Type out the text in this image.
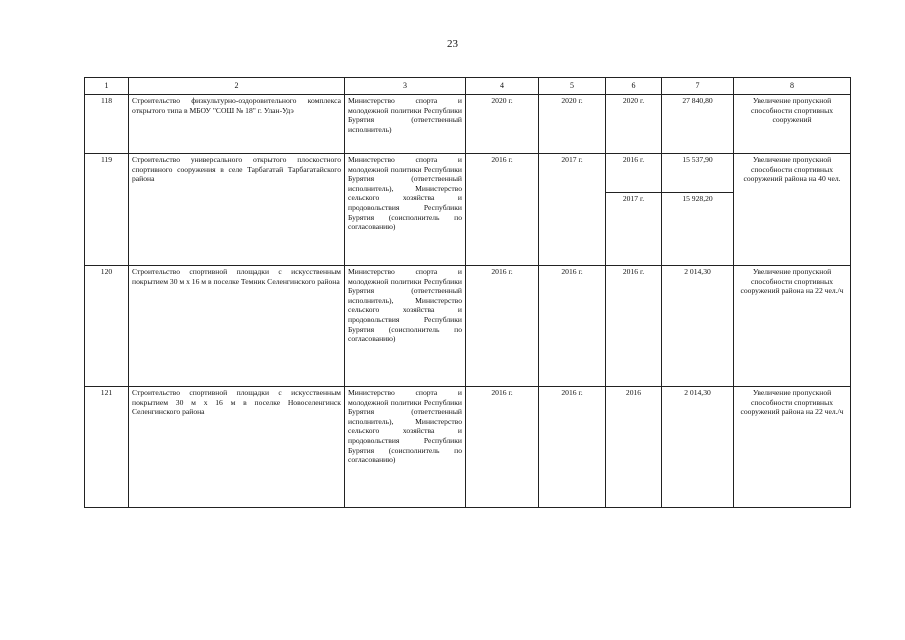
23
1	2	3	4	5	6	7	8
118	Строительство физкультурно-оздоровительного комплекса открытого типа в МБОУ "СОШ № 18" г. Улан-Удэ	Министерство спорта и молодежной политики Республики Бурятия (ответственный исполнитель)	2020 г.	2020 г.	2020 г.	27 840,80	Увеличение пропускной способности спортивных сооружений
119	Строительство универсального открытого плоскостного спортивного сооружения в селе Тарбагатай Тарбагатайского района	Министерство спорта и молодежной политики Республики Бурятия (ответственный исполнитель), Министерство сельского хозяйства и продовольствия Республики Бурятия (соисполнитель по согласованию)	2016 г.	2017 г.	2016 г.	15 537,90	Увеличение пропускной способности спортивных сооружений района на 40 чел.
					2017 г.	15 928,20	
120	Строительство спортивной площадки с искусственным покрытием 30 м х 16 м в поселке Темник Селенгинского района	Министерство спорта и молодежной политики Республики Бурятия (ответственный исполнитель), Министерство сельского хозяйства и продовольствия Республики Бурятия (соисполнитель по согласованию)	2016 г.	2016 г.	2016 г.	2 014,30	Увеличение пропускной способности спортивных сооружений района на 22 чел./ч
121	Строительство спортивной площадки с искусственным покрытием 30 м х 16 м в поселке Новоселенгинск Селенгинского района	Министерство спорта и молодежной политики Республики Бурятия (ответственный исполнитель), Министерство сельского хозяйства и продовольствия Республики Бурятия (соисполнитель по согласованию)	2016 г.	2016 г.	2016	2 014,30	Увеличение пропускной способности спортивных сооружений района на 22 чел./ч
